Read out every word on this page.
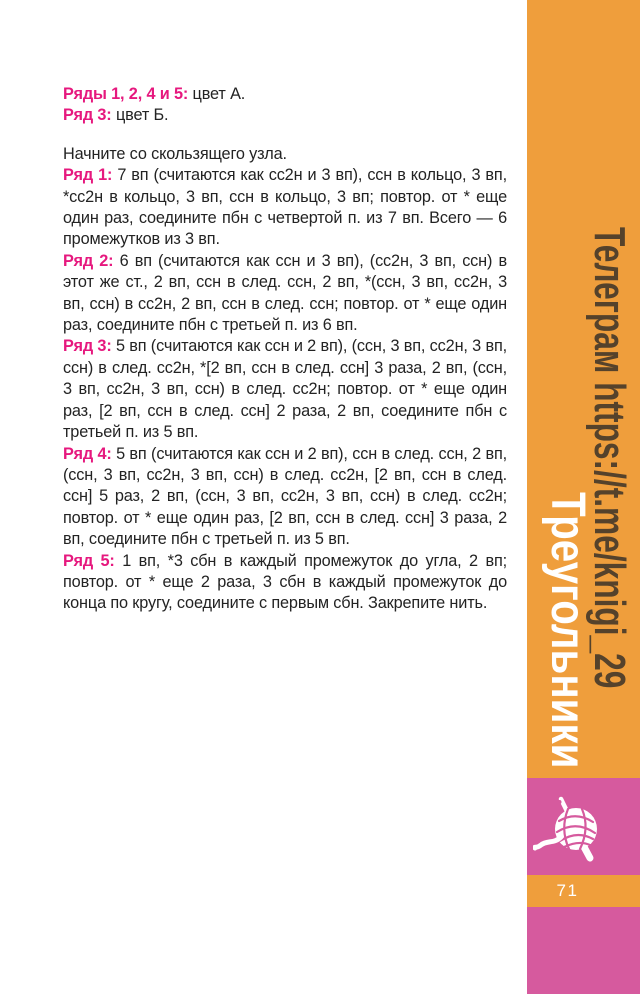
Ряды 1, 2, 4 и 5: цвет А.

Ряд 3: цвет Б.

Начните со скользящего узла.

Ряд 1: 7 вп (считаются как сс2н и 3 вп), ссн в кольцо, 3 вп, *сс2н в кольцо, 3 вп, ссн в кольцо, 3 вп; повтор. от * еще один раз, соедините пбн с четвертой п. из 7 вп. Всего — 6 промежутков из 3 вп.

Ряд 2: 6 вп (считаются как ссн и 3 вп), (сс2н, 3 вп, ссн) в этот же ст., 2 вп, ссн в след. ссн, 2 вп, *(ссн, 3 вп, сс2н, 3 вп, ссн) в сс2н, 2 вп, ссн в след. ссн; повтор. от * еще один раз, соедините пбн с третьей п. из 6 вп.

Ряд 3: 5 вп (считаются как ссн и 2 вп), (ссн, 3 вп, сс2н, 3 вп, ссн) в след. сс2н, *[2 вп, ссн в след. ссн] 3 раза, 2 вп, (ссн, 3 вп, сс2н, 3 вп, ссн) в след. сс2н; повтор. от * еще один раз, [2 вп, ссн в след. ссн] 2 раза, 2 вп, соедините пбн с третьей п. из 5 вп.

Ряд 4: 5 вп (считаются как ссн и 2 вп), ссн в след. ссн, 2 вп, (ссн, 3 вп, сс2н, 3 вп, ссн) в след. сс2н, [2 вп, ссн в след. ссн] 5 раз, 2 вп, (ссн, 3 вп, сс2н, 3 вп, ссн) в след. сс2н; повтор. от * еще один раз, [2 вп, ссн в след. ссн] 3 раза, 2 вп, соедините пбн с третьей п. из 5 вп.

Ряд 5: 1 вп, *3 сбн в каждый промежуток до угла, 2 вп; повтор. от * еще 2 раза, 3 сбн в каждый промежуток до конца по кругу, соедините с первым сбн. Закрепите нить.

71
Телеграм https://t.me/knigi_29
Треугольники
